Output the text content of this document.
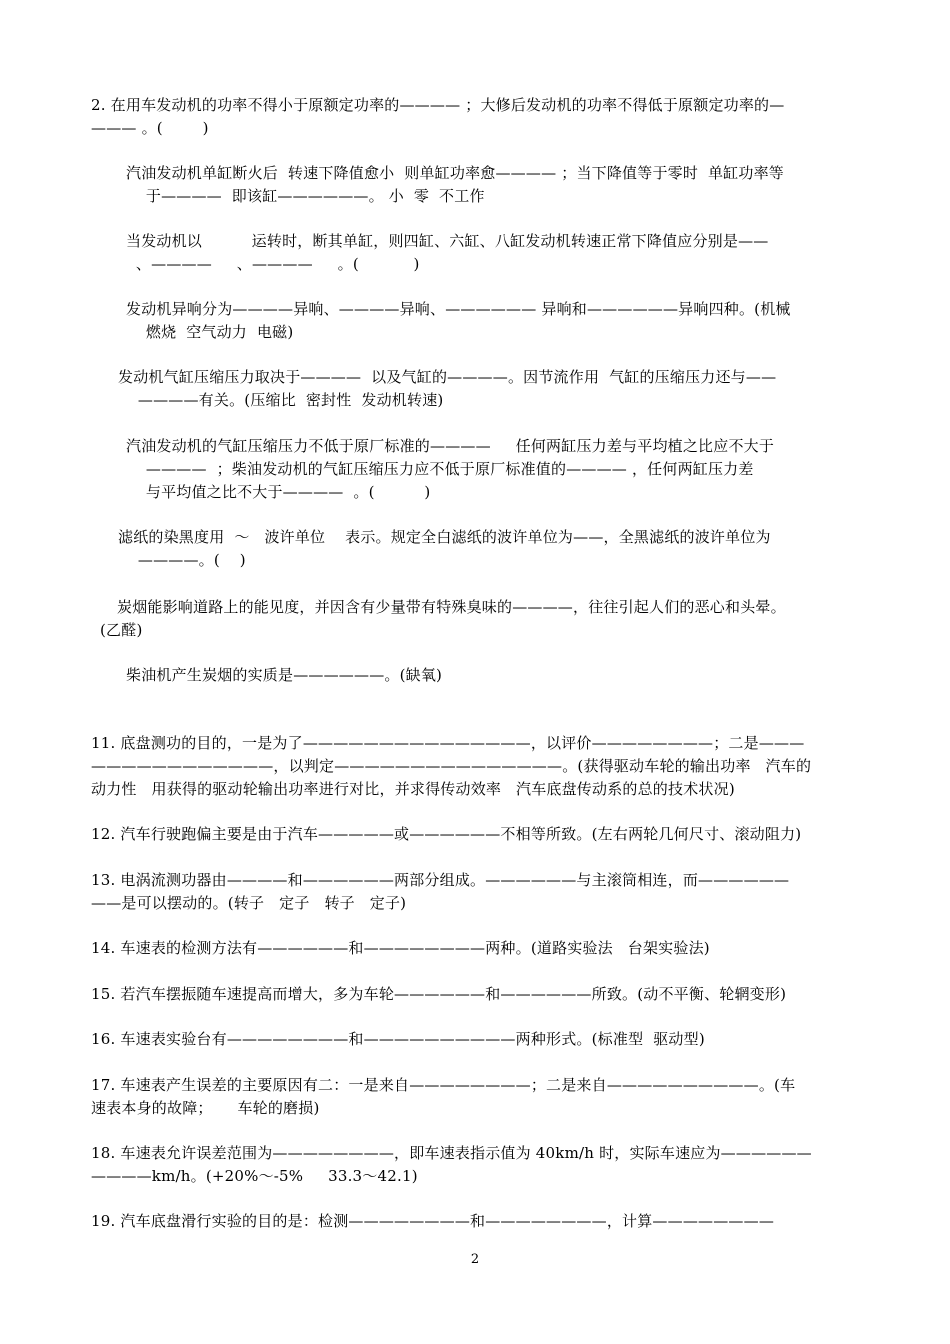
2. 在用车发动机的功率不得小于原额定功率的———— ；大修后发动机的功率不得低于原额定功率的—
——— 。(        )
汽油发动机单缸断火后  转速下降值愈小  则单缸功率愈———— ；当下降值等于零时  单缸功率等
于————  即该缸——————。 小  零  不工作
当发动机以          运转时，断其单缸，则四缸、六缸、八缸发动机转速正常下降值应分别是——
、————     、————     。(           )
发动机异响分为————异响、————异响、—————— 异响和——————异响四种。(机械
燃烧  空气动力  电磁)
发动机气缸压缩压力取决于————  以及气缸的————。因节流作用  气缸的压缩压力还与——
————有关。(压缩比  密封性  发动机转速)
汽油发动机的气缸压缩压力不低于原厂标准的————     任何两缸压力差与平均植之比应不大于
————  ；柴油发动机的气缸压缩压力应不低于原厂标准值的———— ，任何两缸压力差
与平均值之比不大于————  。(          )
滤纸的染黑度用  ～   波许单位    表示。规定全白滤纸的波许单位为——，全黑滤纸的波许单位为
————。(    )
炭烟能影响道路上的能见度，并因含有少量带有特殊臭味的————，往往引起人们的恶心和头晕。
(乙醛)
柴油机产生炭烟的实质是——————。(缺氧)
11. 底盘测功的目的，一是为了———————————————，以评价————————；二是———
————————————，以判定———————————————。(获得驱动车轮的输出功率   汽车的
动力性   用获得的驱动轮输出功率进行对比，并求得传动效率   汽车底盘传动系的总的技术状况)
12. 汽车行驶跑偏主要是由于汽车—————或——————不相等所致。(左右两轮几何尺寸、滚动阻力)
13. 电涡流测功器由————和——————两部分组成。——————与主滚筒相连，而——————
——是可以摆动的。(转子   定子   转子   定子)
14. 车速表的检测方法有——————和————————两种。(道路实验法   台架实验法)
15. 若汽车摆振随车速提高而增大，多为车轮——————和——————所致。(动不平衡、轮辋变形)
16. 车速表实验台有————————和——————————两种形式。(标准型  驱动型)
17. 车速表产生误差的主要原因有二：一是来自————————；二是来自——————————。(车
速表本身的故障；     车轮的磨损)
18. 车速表允许误差范围为————————，即车速表指示值为 40km/h 时，实际车速应为——————
————km/h。(+20%～-5%     33.3～42.1)
19. 汽车底盘滑行实验的目的是：检测————————和————————，计算————————
2
